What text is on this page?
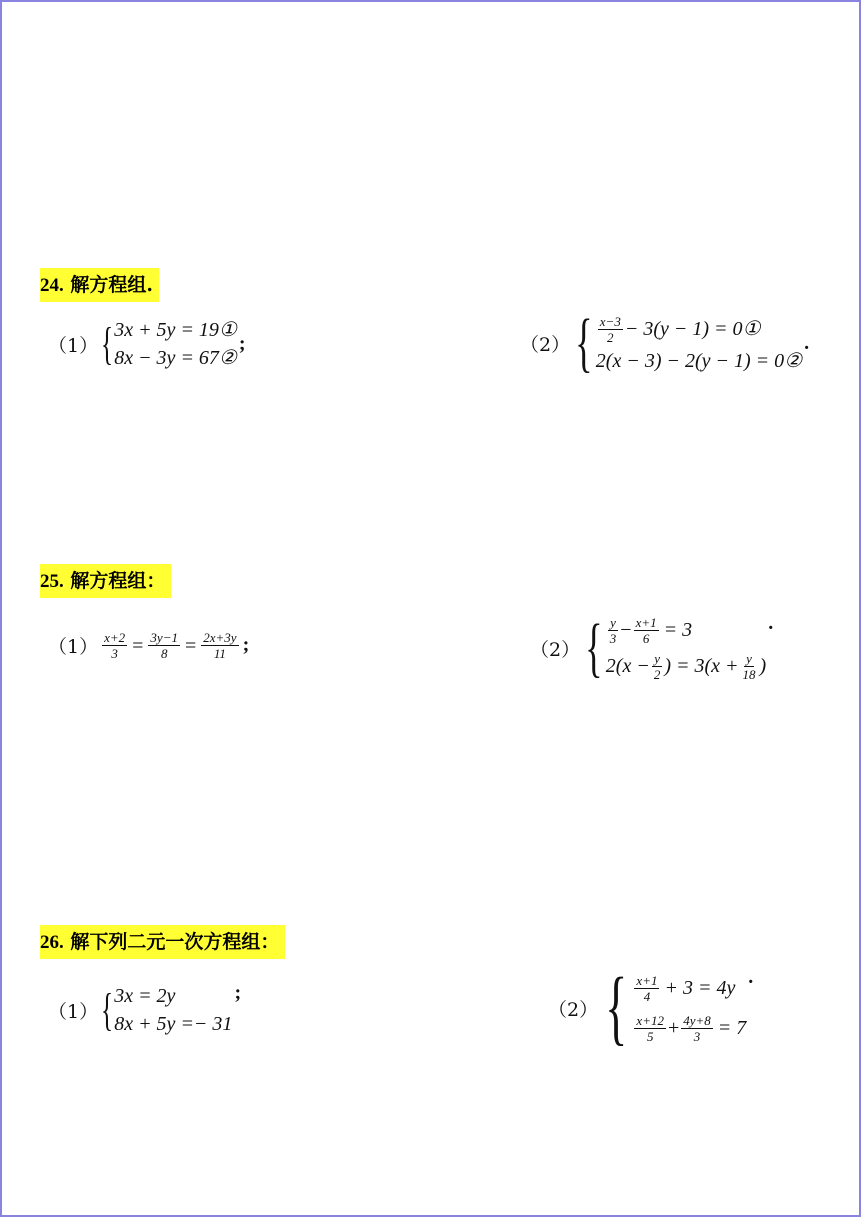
24. 解方程组.
（1） { 3x + 5y = 19①
8x − 3y = 67②
;	（2） { $\frac{x-3}{2} - 3(y - 1)$ = 0①
2(x − 3) − 2(y − 1) = 0②
.
25. 解方程组：
$(1) \frac{x+2}{3} = \frac{3y-1}{8} = \frac{2x+3y}{11}$ ;	（2） { $\frac{y}{3} - \frac{x+1}{6} = 3$
$2(x - \frac{y}{2}$ ) = $3(x + \frac{y}{18}$ )
.
26. 解下列二元一次方程组：
（1） { 3x = 2y
8x + 5y =− 31
;
（2） { $\frac{x+1}{4} + 3 = 4y$
$\frac{x+12}{5} + \frac{4y+8}{3} = 7$
.
